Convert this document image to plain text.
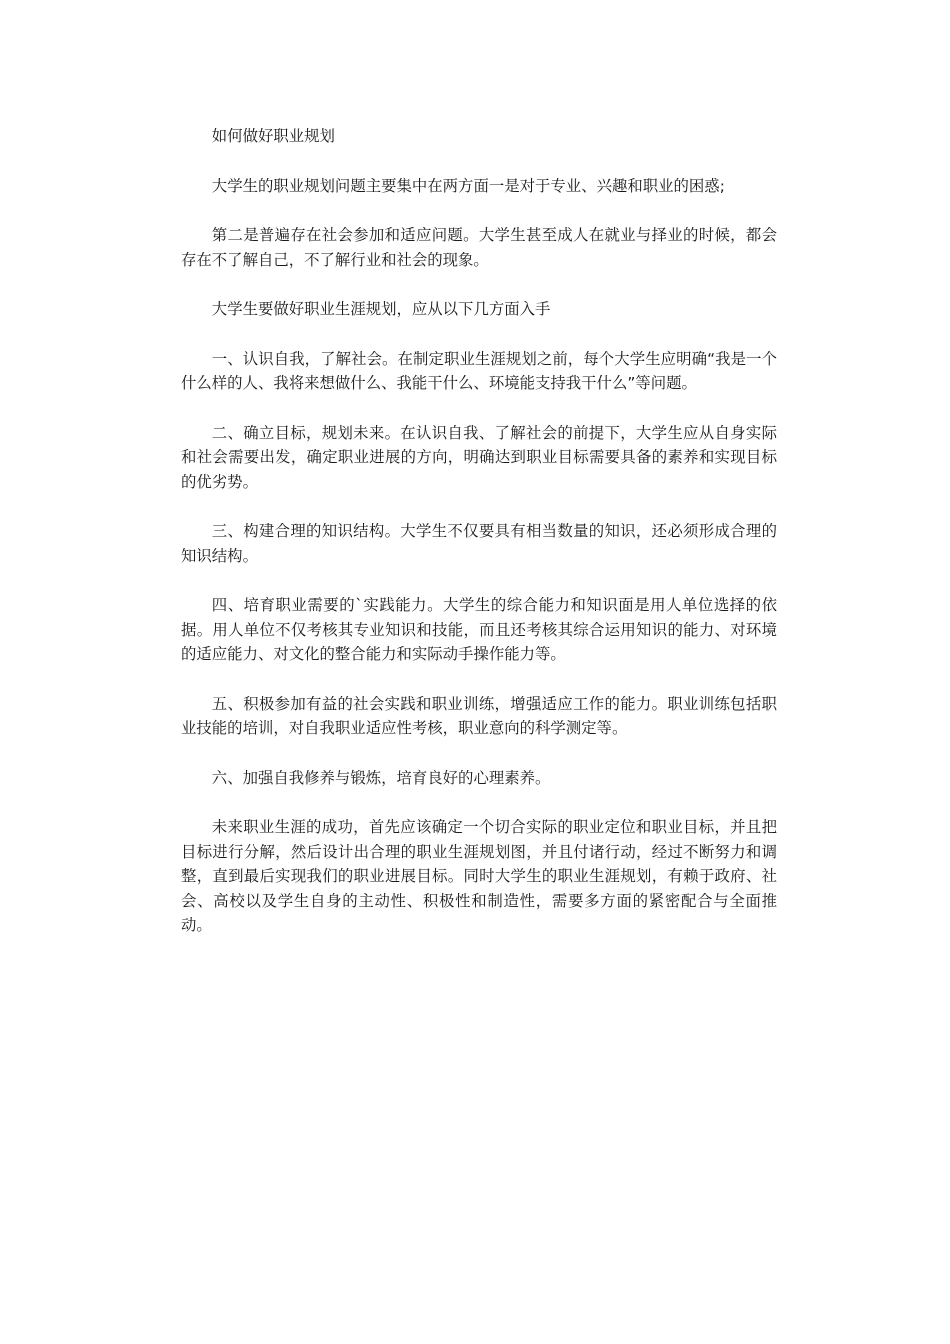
如何做好职业规划

大学生的职业规划问题主要集中在两方面一是对于专业、兴趣和职业的困惑;

第二是普遍存在社会参加和适应问题。大学生甚至成人在就业与择业的时候，都会存在不了解自己，不了解行业和社会的现象。

大学生要做好职业生涯规划，应从以下几方面入手

一、认识自我，了解社会。在制定职业生涯规划之前，每个大学生应明确“我是一个什么样的人、我将来想做什么、我能干什么、环境能支持我干什么”等问题。

二、确立目标，规划未来。在认识自我、了解社会的前提下，大学生应从自身实际和社会需要出发，确定职业进展的方向，明确达到职业目标需要具备的素养和实现目标的优劣势。

三、构建合理的知识结构。大学生不仅要具有相当数量的知识，还必须形成合理的知识结构。

四、培育职业需要的`实践能力。大学生的综合能力和知识面是用人单位选择的依据。用人单位不仅考核其专业知识和技能，而且还考核其综合运用知识的能力、对环境的适应能力、对文化的整合能力和实际动手操作能力等。

五、积极参加有益的社会实践和职业训练，增强适应工作的能力。职业训练包括职业技能的培训，对自我职业适应性考核，职业意向的科学测定等。

六、加强自我修养与锻炼，培育良好的心理素养。

未来职业生涯的成功，首先应该确定一个切合实际的职业定位和职业目标，并且把目标进行分解，然后设计出合理的职业生涯规划图，并且付诸行动，经过不断努力和调整，直到最后实现我们的职业进展目标。同时大学生的职业生涯规划，有赖于政府、社会、高校以及学生自身的主动性、积极性和制造性，需要多方面的紧密配合与全面推动。
